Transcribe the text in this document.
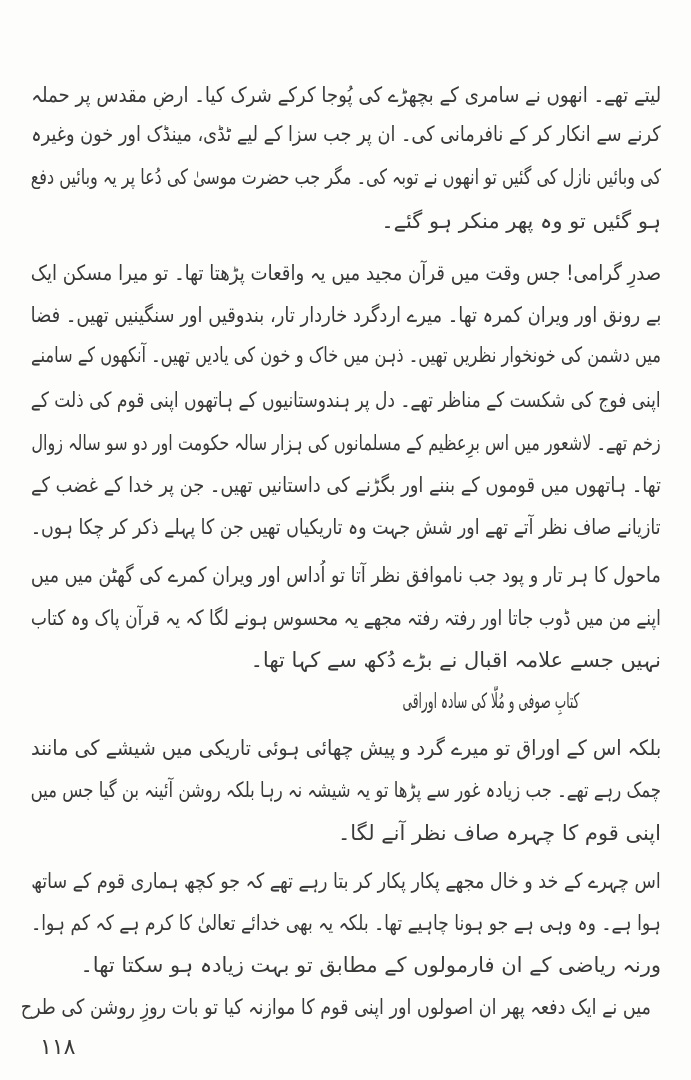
لیتے تھے۔ انھوں نے سامری کے بچھڑے کی پُوجا کرکے شرک کیا۔ ارضِ مقدس پر حملہ
کرنے سے انکار کر کے نافرمانی کی۔ ان پر جب سزا کے لیے ٹڈی، مینڈک اور خون وغیرہ
کی وبائیں نازل کی گئیں تو انھوں نے توبہ کی۔ مگر جب حضرت موسیٰ کی دُعا پر یہ وبائیں دفع
ہو گئیں تو وہ پھر منکر ہو گئے۔
صدرِ گرامی! جس وقت میں قرآن مجید میں یہ واقعات پڑھتا تھا۔ تو میرا مسکن ایک
بے رونق اور ویران کمرہ تھا۔ میرے اردگرد خاردار تار، بندوقیں اور سنگینیں تھیں۔ فضا
میں دشمن کی خونخوار نظریں تھیں۔ ذہن میں خاک و خون کی یادیں تھیں۔ آنکھوں کے سامنے
اپنی فوج کی شکست کے مناظر تھے۔ دل پر ہندوستانیوں کے ہاتھوں اپنی قوم کی ذلت کے
زخم تھے۔ لاشعور میں اس برِعظیم کے مسلمانوں کی ہزار سالہ حکومت اور دو سو سالہ زوال
تھا۔ ہاتھوں میں قوموں کے بننے اور بگڑنے کی داستانیں تھیں۔ جن پر خدا کے غضب کے
تازیانے صاف نظر آتے تھے اور شش جہت وہ تاریکیاں تھیں جن کا پہلے ذکر کر چکا ہوں۔
ماحول کا ہر تار و پود جب ناموافق نظر آتا تو اُداس اور ویران کمرے کی گھٹن میں میں
اپنے من میں ڈوب جاتا اور رفتہ رفتہ مجھے یہ محسوس ہونے لگا کہ یہ قرآن پاک وہ کتاب
نہیں جسے علامہ اقبال نے بڑے دُکھ سے کہا تھا۔
کتابِ صوفی و مُلّا کی سادہ اوراقی
بلکہ اس کے اوراق تو میرے گرد و پیش چھائی ہوئی تاریکی میں شیشے کی مانند
چمک رہے تھے۔ جب زیادہ غور سے پڑھا تو یہ شیشہ نہ رہا بلکہ روشن آئینہ بن گیا جس میں
اپنی قوم کا چہرہ صاف نظر آنے لگا۔
اس چہرے کے خد و خال مجھے پکار پکار کر بتا رہے تھے کہ جو کچھ ہماری قوم کے ساتھ
ہوا ہے۔ وہ وہی ہے جو ہونا چاہیے تھا۔ بلکہ یہ بھی خدائے تعالیٰ کا کرم ہے کہ کم ہوا۔
ورنہ ریاضی کے ان فارمولوں کے مطابق تو بہت زیادہ ہو سکتا تھا۔
میں نے ایک دفعہ پھر ان اصولوں اور اپنی قوم کا موازنہ کیا تو بات روزِ روشن کی طرح
۱۱۸
